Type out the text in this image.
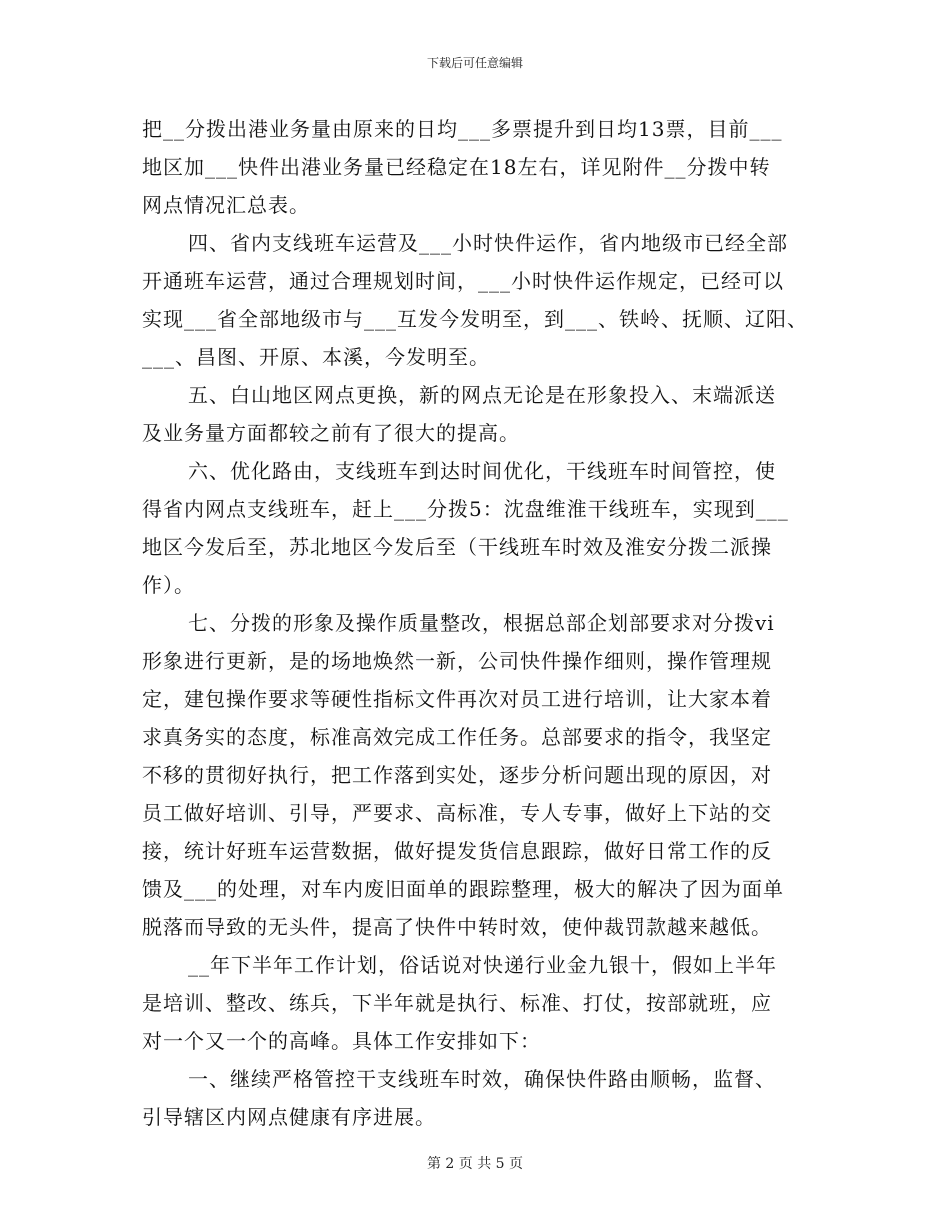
下载后可任意编辑
把__分拨出港业务量由原来的日均___多票提升到日均13票，目前___
地区加___快件出港业务量已经稳定在18左右，详见附件__分拨中转
网点情况汇总表。
四、省内支线班车运营及___小时快件运作，省内地级市已经全部
开通班车运营，通过合理规划时间，___小时快件运作规定，已经可以
实现___省全部地级市与___互发今发明至，到___、铁岭、抚顺、辽阳、
___、昌图、开原、本溪，今发明至。
五、白山地区网点更换，新的网点无论是在形象投入、末端派送
及业务量方面都较之前有了很大的提高。
六、优化路由，支线班车到达时间优化，干线班车时间管控，使
得省内网点支线班车，赶上___分拨5：沈盘维淮干线班车，实现到___
地区今发后至，苏北地区今发后至（干线班车时效及淮安分拨二派操
作）。
七、分拨的形象及操作质量整改，根据总部企划部要求对分拨vi
形象进行更新，是的场地焕然一新，公司快件操作细则，操作管理规
定，建包操作要求等硬性指标文件再次对员工进行培训，让大家本着
求真务实的态度，标准高效完成工作任务。总部要求的指令，我坚定
不移的贯彻好执行，把工作落到实处，逐步分析问题出现的原因，对
员工做好培训、引导，严要求、高标准，专人专事，做好上下站的交
接，统计好班车运营数据，做好提发货信息跟踪，做好日常工作的反
馈及___的处理，对车内废旧面单的跟踪整理，极大的解决了因为面单
脱落而导致的无头件，提高了快件中转时效，使仲裁罚款越来越低。
__年下半年工作计划，俗话说对快递行业金九银十，假如上半年
是培训、整改、练兵，下半年就是执行、标准、打仗，按部就班，应
对一个又一个的高峰。具体工作安排如下：
一、继续严格管控干支线班车时效，确保快件路由顺畅，监督、
引导辖区内网点健康有序进展。
第 2 页 共 5 页
